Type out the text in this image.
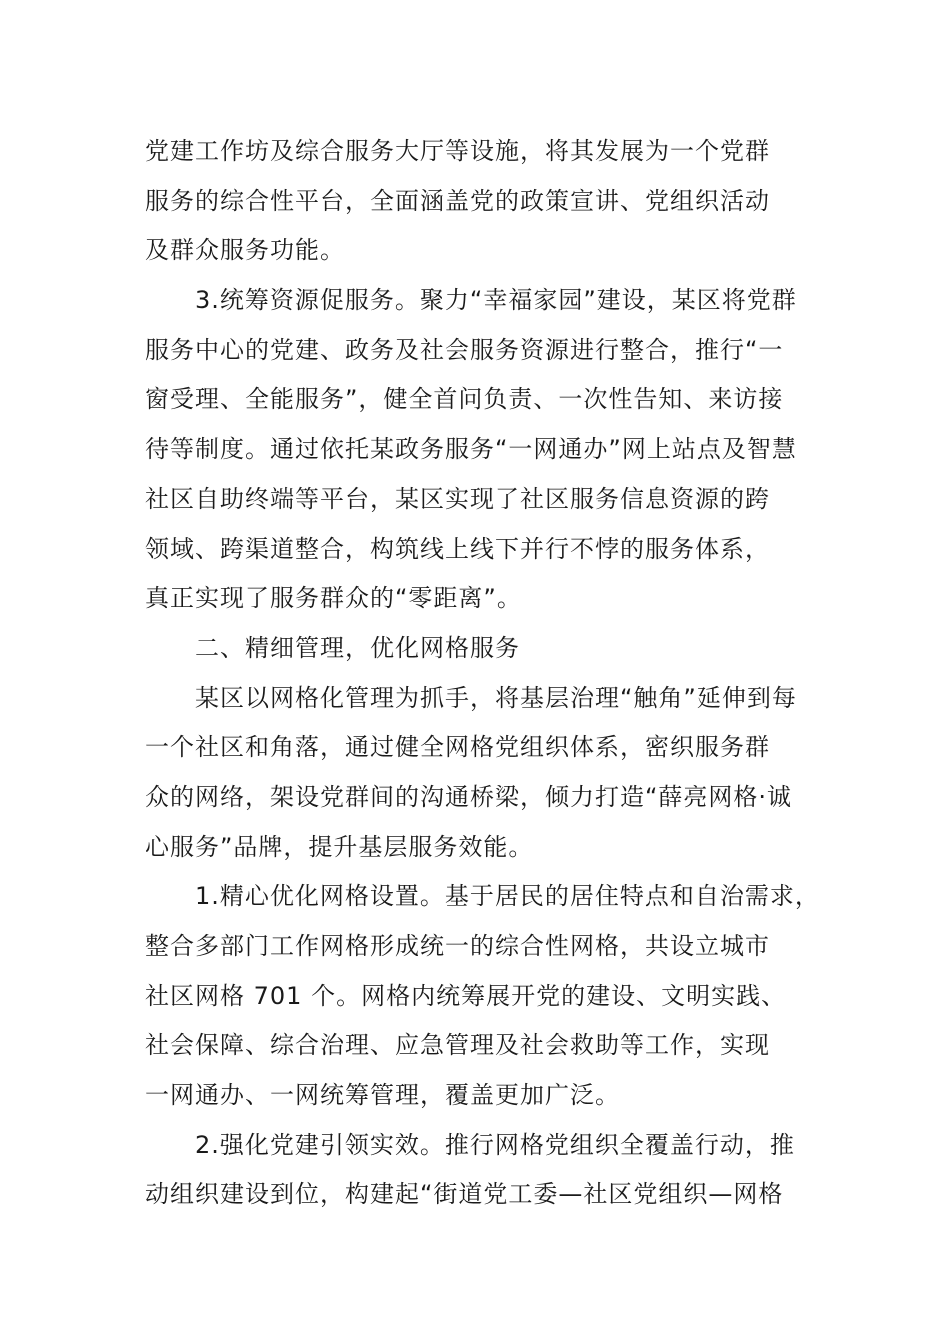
党建工作坊及综合服务大厅等设施，将其发展为一个党群
服务的综合性平台，全面涵盖党的政策宣讲、党组织活动
及群众服务功能。
3.统筹资源促服务。聚力“幸福家园”建设，某区将党群
服务中心的党建、政务及社会服务资源进行整合，推行“一
窗受理、全能服务”，健全首问负责、一次性告知、来访接
待等制度。通过依托某政务服务“一网通办”网上站点及智慧
社区自助终端等平台，某区实现了社区服务信息资源的跨
领域、跨渠道整合，构筑线上线下并行不悖的服务体系，
真正实现了服务群众的“零距离”。
二、精细管理，优化网格服务
某区以网格化管理为抓手，将基层治理“触角”延伸到每
一个社区和角落，通过健全网格党组织体系，密织服务群
众的网络，架设党群间的沟通桥梁，倾力打造“薛亮网格·诚
心服务”品牌，提升基层服务效能。
1.精心优化网格设置。基于居民的居住特点和自治需求，
整合多部门工作网格形成统一的综合性网格，共设立城市
社区网格 701 个。网格内统筹展开党的建设、文明实践、
社会保障、综合治理、应急管理及社会救助等工作，实现
一网通办、一网统筹管理，覆盖更加广泛。
2.强化党建引领实效。推行网格党组织全覆盖行动，推
动组织建设到位，构建起“街道党工委—社区党组织—网格
